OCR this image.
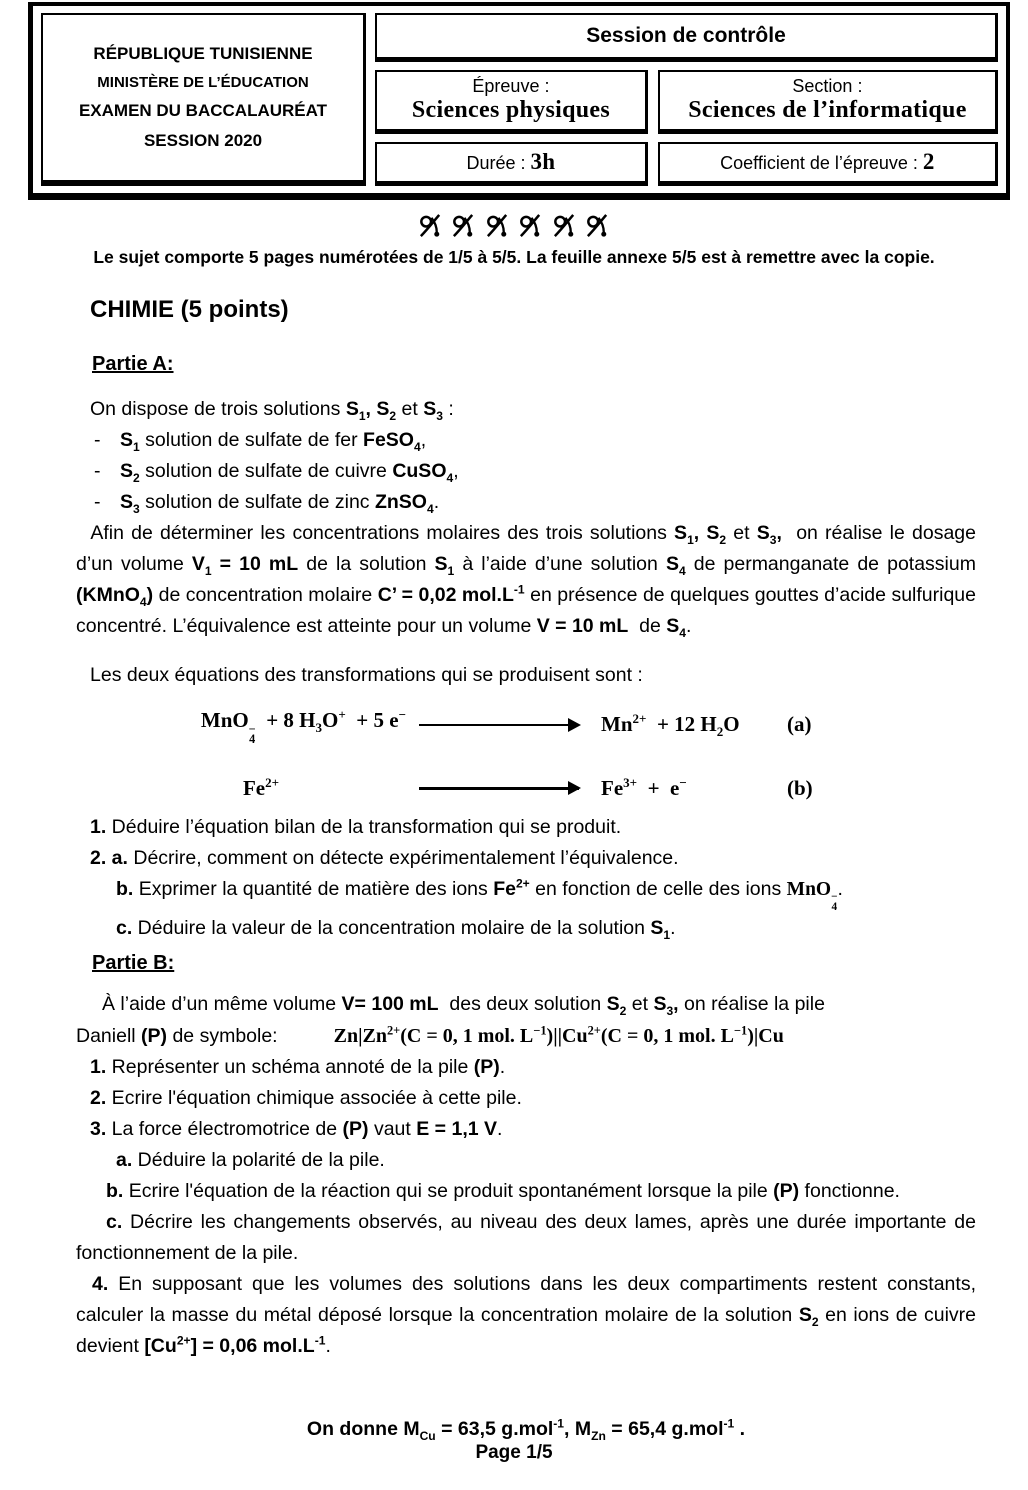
RÉPUBLIQUE TUNISIENNE
MINISTÈRE DE L’ÉDUCATION
EXAMEN DU BACCALAURÉAT
SESSION 2020
Session de contrôle
Épreuve :
Sciences physiques
Section :
Sciences de l’informatique
Durée : 3h	Coefficient de l’épreuve : 2

Le sujet comporte 5 pages numérotées de 1/5 à 5/5. La feuille annexe 5/5 est à remettre avec la copie.
CHIMIE (5 points)
Partie A:
On dispose de trois solutions $S_1$, $S_2$ et $S_3$ :
-	$S_1$ solution de sulfate de fer FeSO$_4$,
-	$S_2$ solution de sulfate de cuivre CuSO$_4$,
-	$S_3$ solution de sulfate de zinc ZnSO$_4$.
Afin de déterminer les concentrations molaires des trois solutions $S_1$, $S_2$ et $S_3$,  on réalise le dosage d’un volume $V_1 = 10$ mL de la solution $S_1$ à l’aide d’une solution $S_4$ de permanganate de potassium (KMnO$_4$) de concentration molaire C’ = 0,02 $mol.L^{-1}$ en présence de quelques gouttes d’acide sulfurique concentré. L’équivalence est atteinte pour un volume V = 10 mL  de $S_4$.
Les deux équations des transformations qui se produisent sont :
MnO −
4
+ 8 $H_3O^+ + 5$ e−	$Mn^{2+} + 12$ $H_2O$	(a)
$Fe^{2+}$	$Fe^{3+} + e^-$	(b)
1. Déduire l’équation bilan de la transformation qui se produit.
2. a. Décrire, comment on détecte expérimentalement l’équivalence.
b. Exprimer la quantité de matière des ions $Fe^{2+}$ en fonction de celle des ions MnO −
4
.
c. Déduire la valeur de la concentration molaire de la solution $S_1$.
Partie B:
À l’aide d’un même volume V= 100 mL  des deux solution $S_2$ et $S_3$, on réalise la pile
Daniell (P) de symbole:	$Zn|Zn^{2+}(C = 0$, 1 mol. $L^{-1})||Cu^{2+}(C = 0$, 1 mol. $L^{-1})|Cu$
1. Représenter un schéma annoté de la pile (P).
2. Ecrire l'équation chimique associée à cette pile.
3. La force électromotrice de (P) vaut E = 1,1 V.
a. Déduire la polarité de la pile.
b. Ecrire l'équation de la réaction qui se produit spontanément lorsque la pile (P) fonctionne.
c. Décrire les changements observés, au niveau des deux lames, après une durée importante de fonctionnement de la pile.
4. En supposant que les volumes des solutions dans les deux compartiments restent constants, calculer la masse du métal déposé lorsque la concentration molaire de la solution $S_2$ en ions de cuivre devient $[Cu^{2+}] = 0,06$ $mol.L^{-1}$.
On donne $M_{Cu} = 63,5$ g.mol$^{-1}$, $M_{Zn} = 65,4$ g.mol$^{-1}$ .
Page 1/5
